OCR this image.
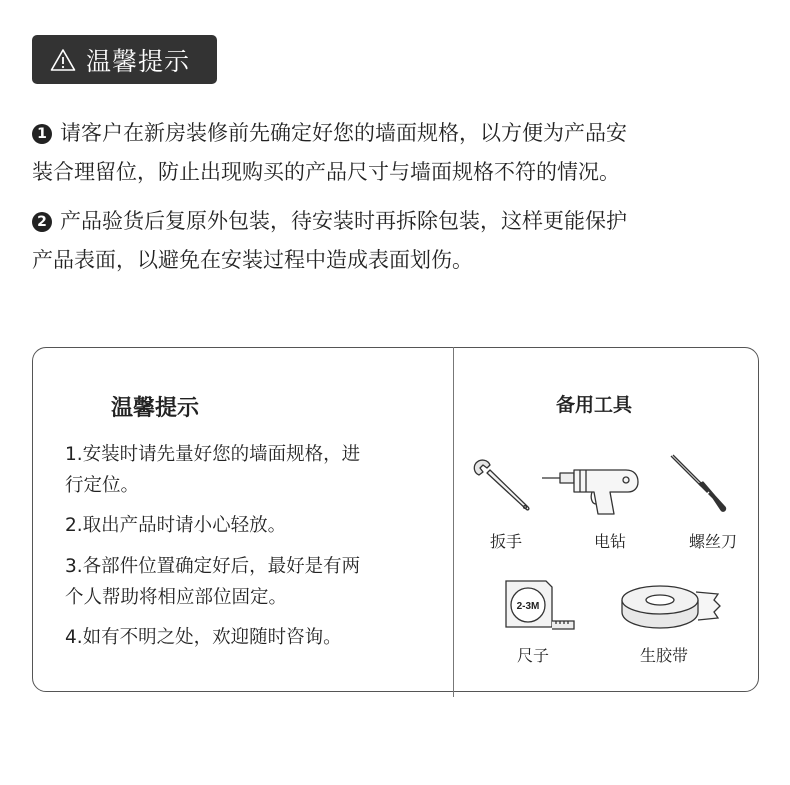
温馨提示
1 请客户在新房装修前先确定好您的墙面规格，以方便为产品安
装合理留位，防止出现购买的产品尺寸与墙面规格不符的情况。
2 产品验货后复原外包装，待安装时再拆除包装，这样更能保护
产品表面，以避免在安装过程中造成表面划伤。
温馨提示
1.安装时请先量好您的墙面规格，进
行定位。
2.取出产品时请小心轻放。
3.各部件位置确定好后，最好是有两
个人帮助将相应部位固定。
4.如有不明之处，欢迎随时咨询。
备用工具
2-3M
扳手	电钻	螺丝刀
尺子	生胶带
